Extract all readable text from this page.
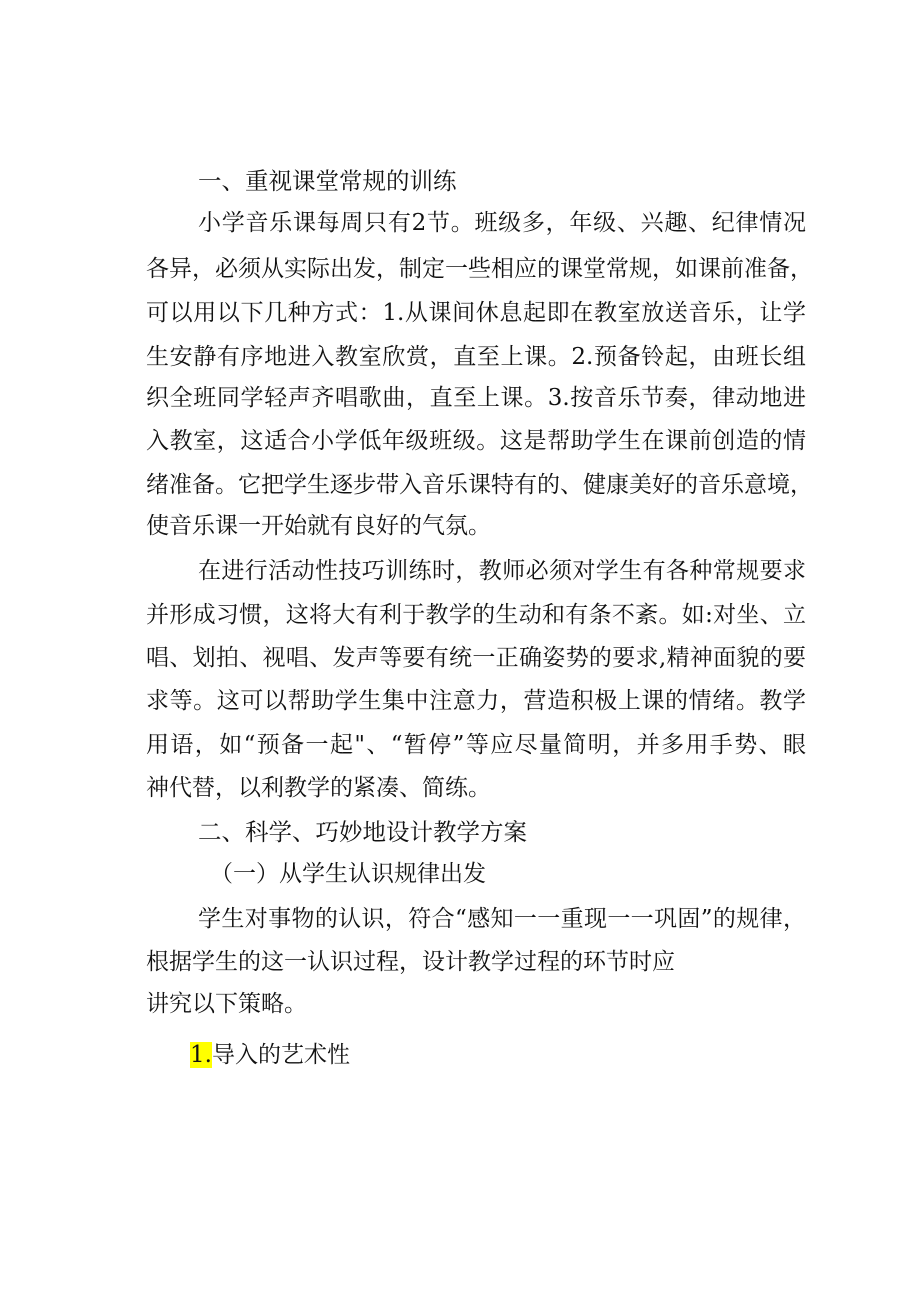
一、重视课堂常规的训练
小学音乐课每周只有2节。班级多，年级、兴趣、纪律情况
各异，必须从实际出发，制定一些相应的课堂常规，如课前准备，
可以用以下几种方式：1.从课间休息起即在教室放送音乐，让学
生安静有序地进入教室欣赏，直至上课。2.预备铃起，由班长组
织全班同学轻声齐唱歌曲，直至上课。3.按音乐节奏，律动地进
入教室，这适合小学低年级班级。这是帮助学生在课前创造的情
绪准备。它把学生逐步带入音乐课特有的、健康美好的音乐意境，
使音乐课一开始就有良好的气氛。
在进行活动性技巧训练时，教师必须对学生有各种常规要求
并形成习惯，这将大有利于教学的生动和有条不紊。如:对坐、立
唱、划拍、视唱、发声等要有统一正确姿势的要求,精神面貌的要
求等。这可以帮助学生集中注意力，营造积极上课的情绪。教学
用语，如“预备一起"、“暂停”等应尽量简明，并多用手势、眼
神代替，以利教学的紧凑、简练。
二、科学、巧妙地设计教学方案
（一）从学生认识规律出发
学生对事物的认识，符合“感知一一重现一一巩固”的规律，
根据学生的这一认识过程，设计教学过程的环节时应
讲究以下策略。
1.导入的艺术性
